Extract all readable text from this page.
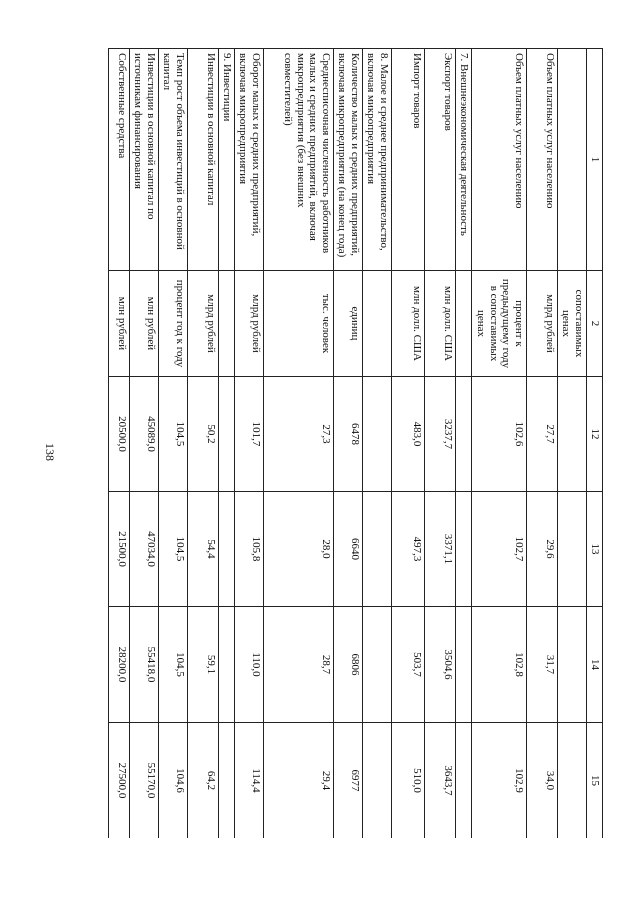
138
1	2	12	13	14	15
	сопоставимых ценах				
Объем платных услуг населению	млрд рублей	27,7	29,6	31,7	34,0
Объем платных услуг населению	процент к предыдущему году в сопоставимых ценах	102,6	102,7	102,8	102,9
7. Внешнеэкономическая деятельность					
Экспорт товаров	млн долл. США	3237,7	3371,1	3504,6	3643,7
Импорт товаров	млн долл. США	483,0	497,3	503,7	510,0
8. Малое и среднее предпринимательство, включая микропредприятия					
Количество малых и средних предприятий, включая микропредприятия (на конец года)	единиц	6478	6640	6806	6977
Среднесписочная численность работников малых и средних предприятий, включая микропредприятия (без внешних совместителей)	тыс. человек	27,3	28,0	28,7	29,4
Оборот малых и средних предприятий, включая микропредприятия	млрд рублей	101,7	105,8	110,0	114,4
9. Инвестиции					
Инвестиции в основной капитал	млрд рублей	50,2	54,4	59,1	64,2
Темп рост объема инвестиций в основной капитал	процент год к году	104,5	104,5	104,5	104,6
Инвестиции в основной капитал по источникам финансирования	млн рублей	45089,0	47034,0	55418,0	55170,0
Собственные средства	млн рублей	20500,0	21500,0	28200,0	27500,0
